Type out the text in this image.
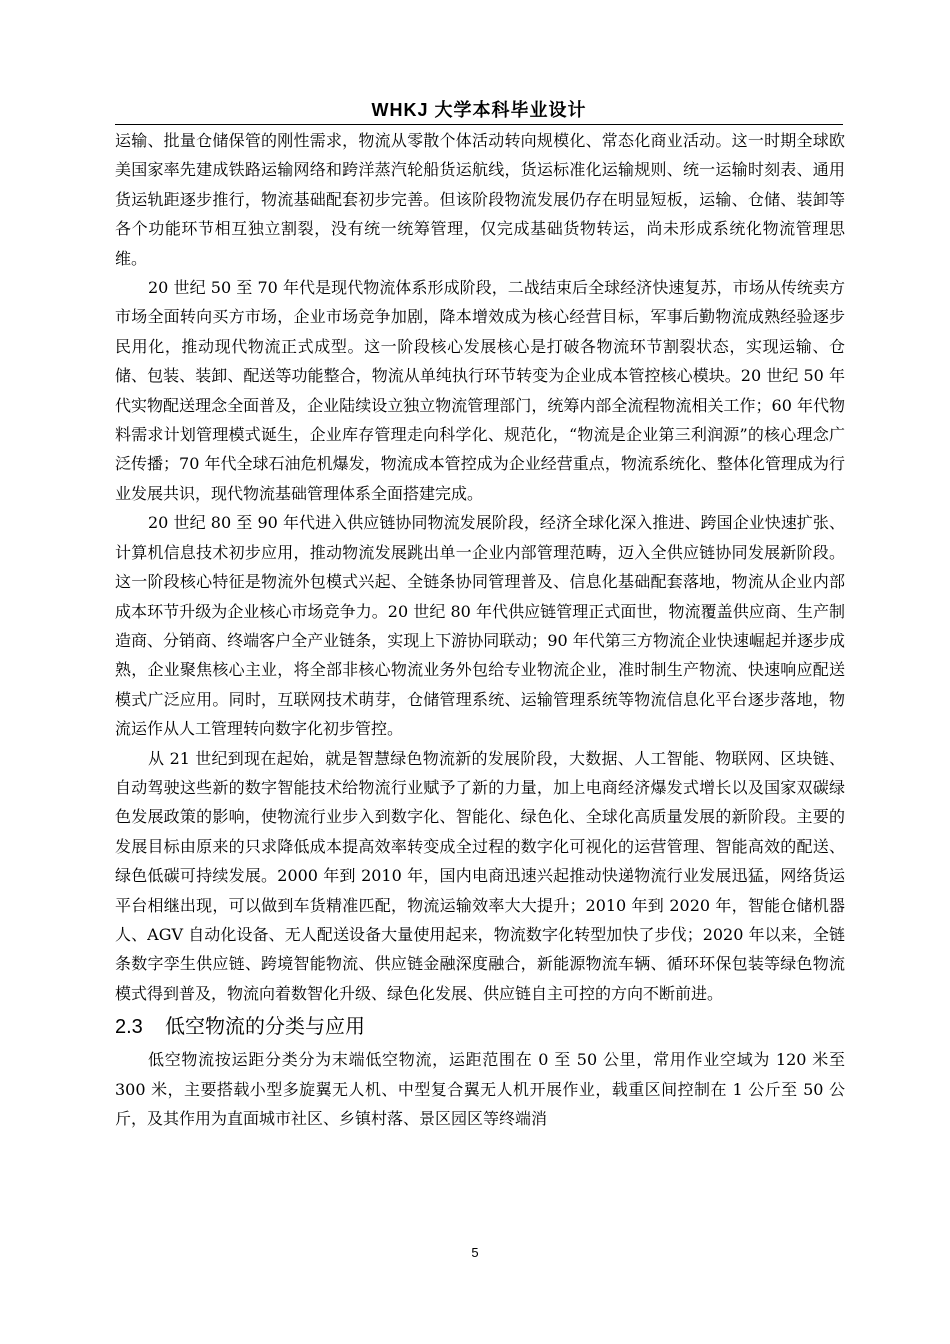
WHKJ 大学本科毕业设计

运输、批量仓储保管的刚性需求，物流从零散个体活动转向规模化、常态化商业活动。这一时期全球欧美国家率先建成铁路运输网络和跨洋蒸汽轮船货运航线，货运标准化运输规则、统一运输时刻表、通用货运轨距逐步推行，物流基础配套初步完善。但该阶段物流发展仍存在明显短板，运输、仓储、装卸等各个功能环节相互独立割裂，没有统一统筹管理，仅完成基础货物转运，尚未形成系统化物流管理思维。

20 世纪 50 至 70 年代是现代物流体系形成阶段，二战结束后全球经济快速复苏，市场从传统卖方市场全面转向买方市场，企业市场竞争加剧，降本增效成为核心经营目标，军事后勤物流成熟经验逐步民用化，推动现代物流正式成型。这一阶段核心发展核心是打破各物流环节割裂状态，实现运输、仓储、包装、装卸、配送等功能整合，物流从单纯执行环节转变为企业成本管控核心模块。20 世纪 50 年代实物配送理念全面普及，企业陆续设立独立物流管理部门，统筹内部全流程物流相关工作；60 年代物料需求计划管理模式诞生，企业库存管理走向科学化、规范化，“物流是企业第三利润源”的核心理念广泛传播；70 年代全球石油危机爆发，物流成本管控成为企业经营重点，物流系统化、整体化管理成为行业发展共识，现代物流基础管理体系全面搭建完成。

20 世纪 80 至 90 年代进入供应链协同物流发展阶段，经济全球化深入推进、跨国企业快速扩张、计算机信息技术初步应用，推动物流发展跳出单一企业内部管理范畴，迈入全供应链协同发展新阶段。这一阶段核心特征是物流外包模式兴起、全链条协同管理普及、信息化基础配套落地，物流从企业内部成本环节升级为企业核心市场竞争力。20 世纪 80 年代供应链管理正式面世，物流覆盖供应商、生产制造商、分销商、终端客户全产业链条，实现上下游协同联动；90 年代第三方物流企业快速崛起并逐步成熟，企业聚焦核心主业，将全部非核心物流业务外包给专业物流企业，准时制生产物流、快速响应配送模式广泛应用。同时，互联网技术萌芽，仓储管理系统、运输管理系统等物流信息化平台逐步落地，物流运作从人工管理转向数字化初步管控。

从 21 世纪到现在起始，就是智慧绿色物流新的发展阶段，大数据、人工智能、物联网、区块链、自动驾驶这些新的数字智能技术给物流行业赋予了新的力量，加上电商经济爆发式增长以及国家双碳绿色发展政策的影响，使物流行业步入到数字化、智能化、绿色化、全球化高质量发展的新阶段。主要的发展目标由原来的只求降低成本提高效率转变成全过程的数字化可视化的运营管理、智能高效的配送、绿色低碳可持续发展。2000 年到 2010 年，国内电商迅速兴起推动快递物流行业发展迅猛，网络货运平台相继出现，可以做到车货精准匹配，物流运输效率大大提升；2010 年到 2020 年，智能仓储机器人、AGV 自动化设备、无人配送设备大量使用起来，物流数字化转型加快了步伐；2020 年以来，全链条数字孪生供应链、跨境智能物流、供应链金融深度融合，新能源物流车辆、循环环保包装等绿色物流模式得到普及，物流向着数智化升级、绿色化发展、供应链自主可控的方向不断前进。

2.3 低空物流的分类与应用

低空物流按运距分类分为末端低空物流，运距范围在 0 至 50 公里，常用作业空域为 120 米至 300 米，主要搭载小型多旋翼无人机、中型复合翼无人机开展作业，载重区间控制在 1 公斤至 50 公斤，及其作用为直面城市社区、乡镇村落、景区园区等终端消

5
